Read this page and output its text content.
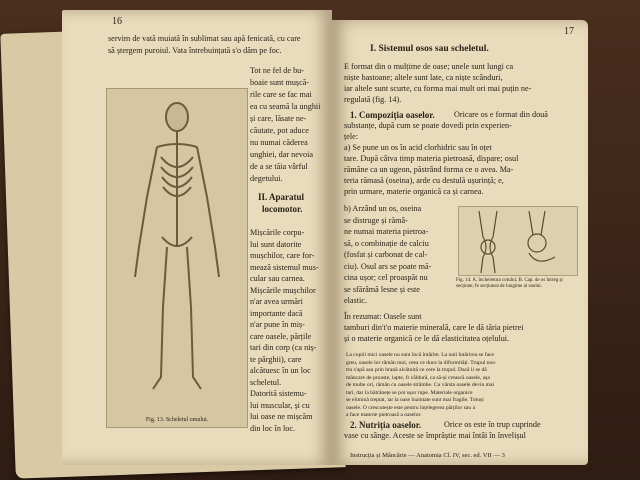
16
servim de vată muiată în sublimat sau apă fenicată, cu care
să ștergem puroiul. Vata întrebuințată s'o dăm pe foc.
Tot ne fel de bu-
boaie sunt mușcă-
rile care se fac mai
ea cu seamă la unghii
și care, lăsate ne-
căutate, pot aduce
nu numai căderea
unghiei, dar nevoia
de a se tăia vârful
degetului.
II. Aparatul
locomotor.
Mișcările corpu-
lui sunt datorite
mușchilor, care for-
mează sistemul mus-
cular sau carnea.
Mișcările mușchilor
n'ar avea urmări
importante dacă
n'ar pune în miș-
care oasele, părțile
tari din corp (ca niș-
te pârghii), care
alcătuesc în un loc
scheletul.
Datorită sistemu-
lui muscular, și cu
lui oase ne mișcăm
din loc în loc.
Fig. 13. Scheletul omului.
17
I. Sistemul osos sau scheletul.
E format din o mulțime de oase; unele sunt lungi ca
niște bastoane; altele sunt late, ca niște scânduri,
iar altele sunt scurte, cu forma mai mult ori mai puțin ne-
regulată (fig. 14).
1. Compoziția oaselor. Oricare os e format din două
substanțe, după cum se poate dovedi prin experien-
țele:
a) Se pune un os în acid clorhidric sau în oțet
tare. După câtva timp materia pietroasă, dispare; osul
rămâne ca un ugeon, păstrând forma ce o avea. Ma-
teria rămasă (oseina), arde cu destulă ușurință; e,
prin urmare, materie organică ca și carnea.
b) Arzând un os, oseina
se distruge și rămâ-
ne numai materia pietroa-
să, o combinație de calciu
(fosfat și carbonat de cal-
ciu). Osul ars se poate mă-
cina ușor; cel proaspăt nu
se sfărâmă lesne și este
elastic.
În rezumat: Oasele sunt
tamburi din't'o materie minerală, care le dă tăria pietrei
și o materie organică ce le dă elasticitatea oțelului.
La copiii mici oasele nu sunt încă întărite. La unii întărirea se face
greu, oasele lor rămân moi, ceea ce duce la diformități. Trupul nos-
tru s'apă sau prin hrană alcătuită ce cere la trupul. Dacă li se dă
mâncare de proaste, lapte, fr căldură, ca să-și crească oasele, așa
de multe ori, rămân cu oasele strâmbe. Cu vârsta oasele devin mai
tari, dar la bătrânețe se pot ușor rupe. Materiale organice
se elimină treptat, iar la oase înaintate sunt mai fragile. Totuși
oasele. O crescutește este pentru înțelegerea părților sau a
a face materie pietroasă a oaselor.
2. Nutriția oaselor.	Orice os este în trup cuprinde
vase cu sânge. Aceste se împrăștie mai întâi în învelișul
Fig. 14. A. încheietura cotului; B. Cap. de os întreg și secțiune; fe secțiunea de lungime ai osului.
Instrucția și Mâncărie — Anatomia Cl. IV, sec. ed. VII — 3
